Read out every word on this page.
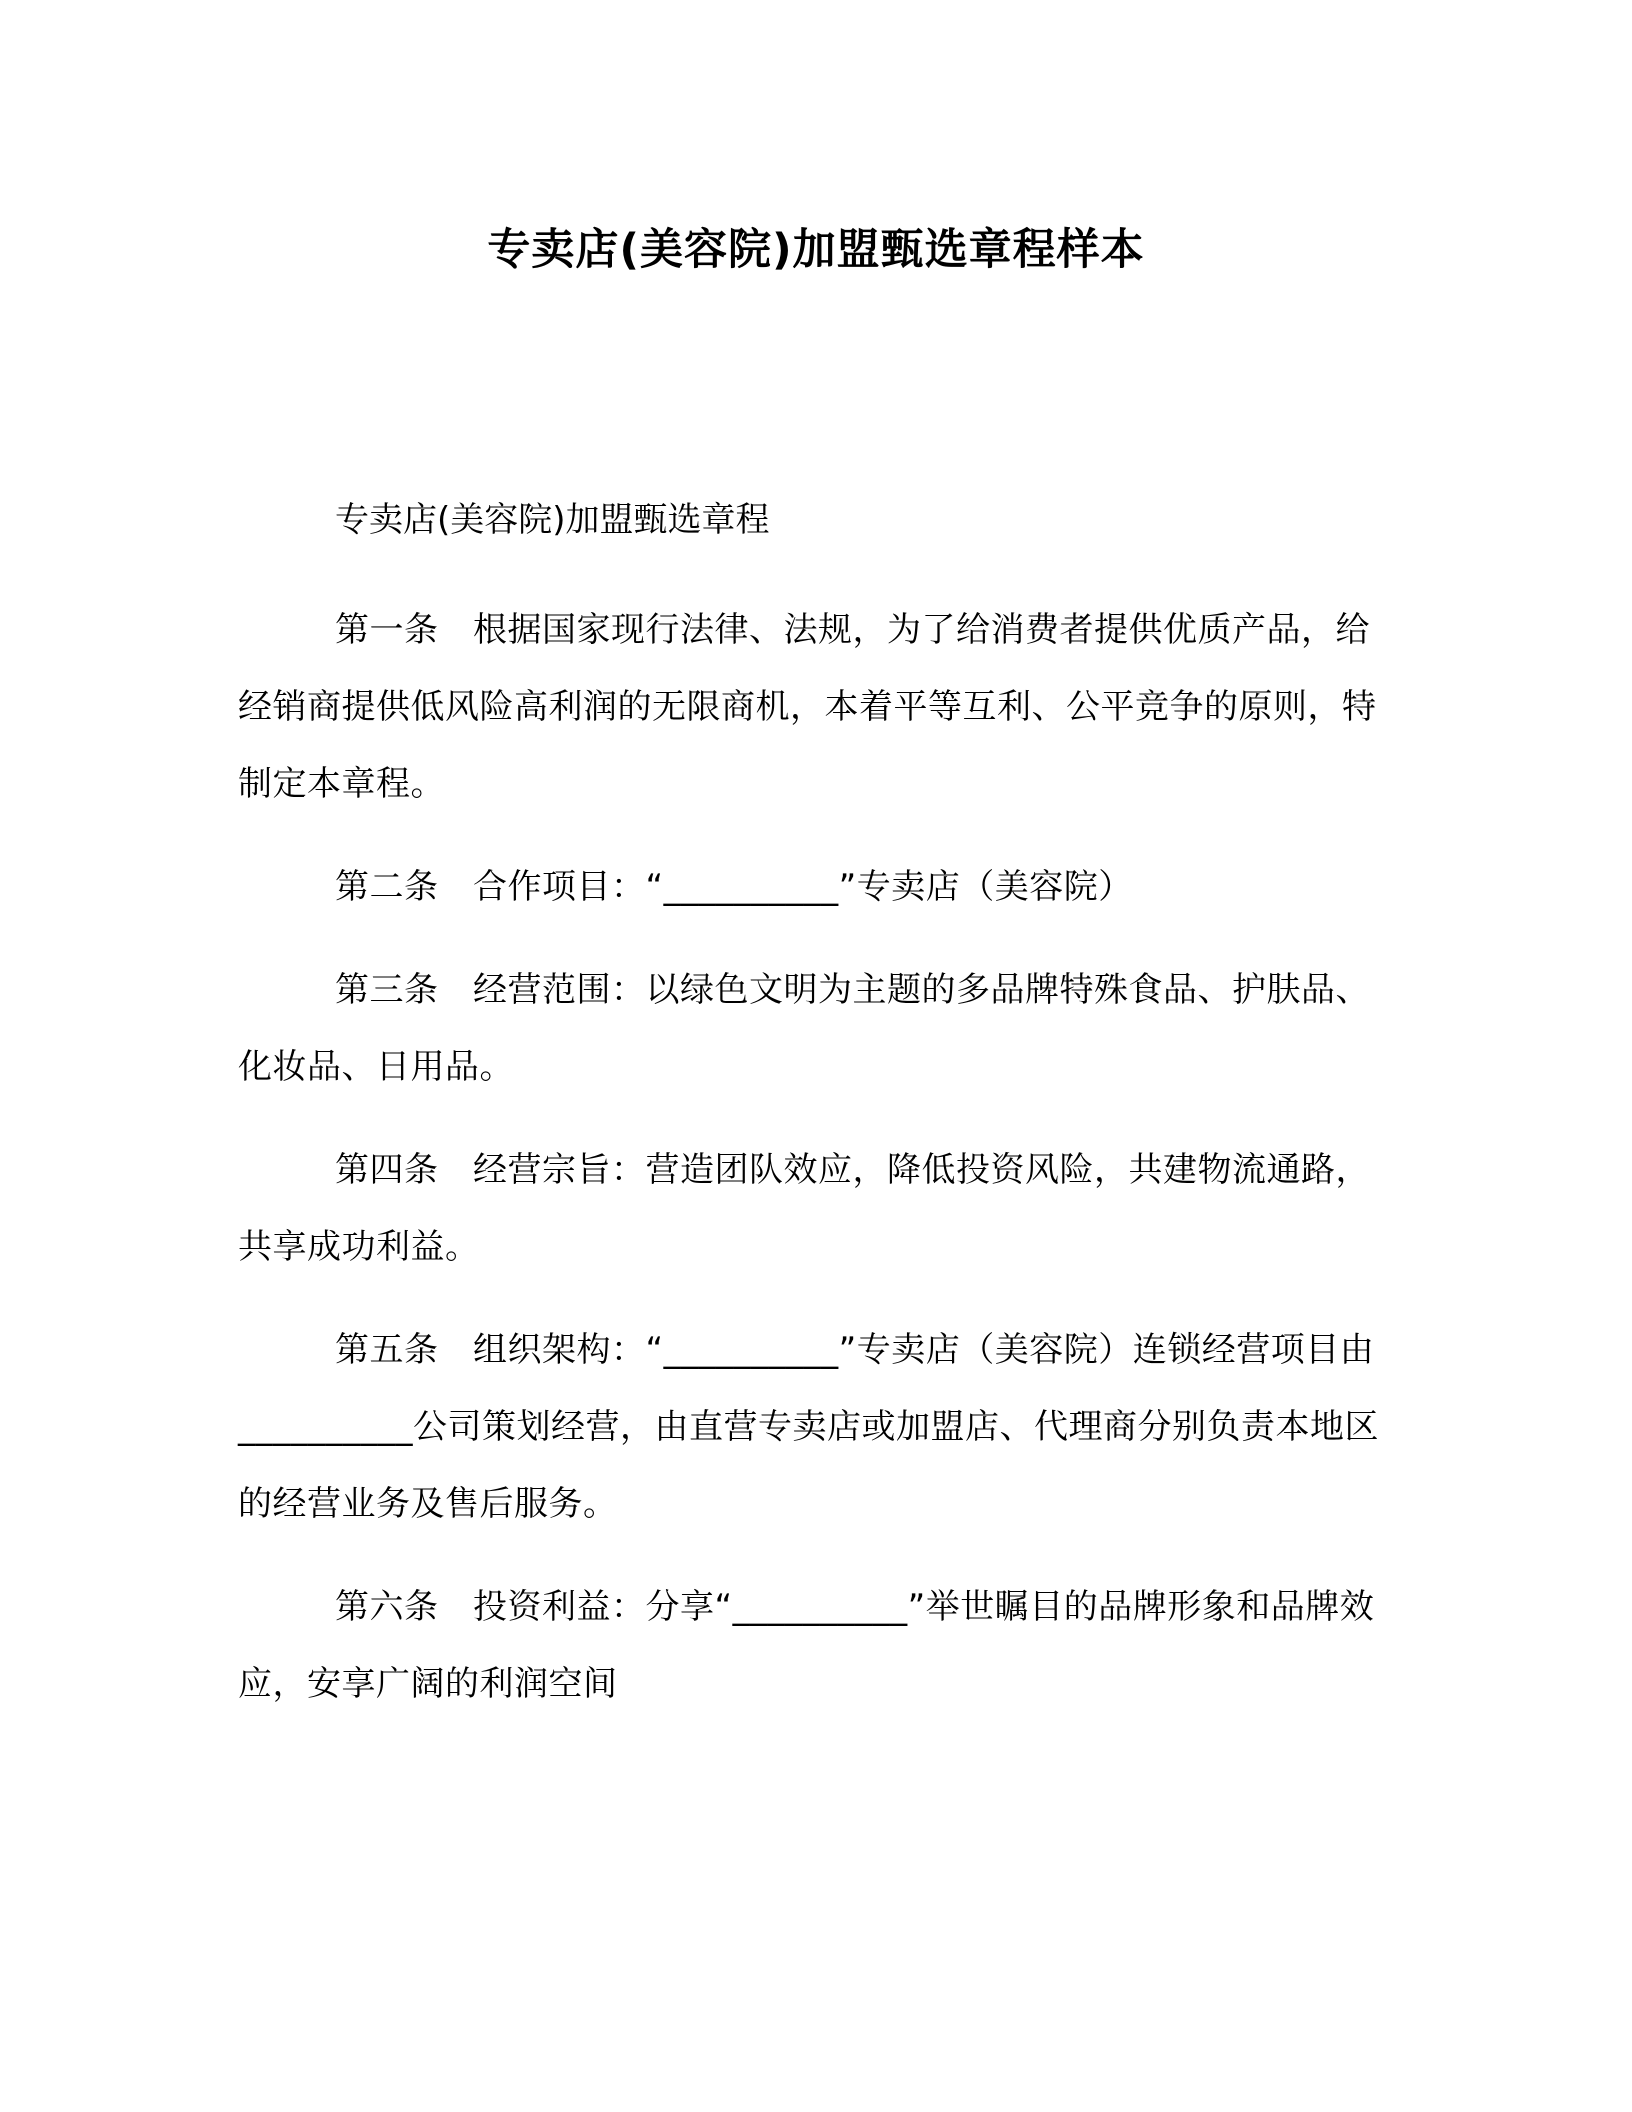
专卖店(美容院)加盟甄选章程样本

专卖店(美容院)加盟甄选章程

第一条　根据国家现行法律、法规，为了给消费者提供优质产品，给经销商提供低风险高利润的无限商机，本着平等互利、公平竞争的原则，特制定本章程。

第二条　合作项目：“__________”专卖店（美容院）

第三条　经营范围：以绿色文明为主题的多品牌特殊食品、护肤品、化妆品、日用品。

第四条　经营宗旨：营造团队效应，降低投资风险，共建物流通路，共享成功利益。

第五条　组织架构：“__________”专卖店（美容院）连锁经营项目由__________公司策划经营，由直营专卖店或加盟店、代理商分别负责本地区的经营业务及售后服务。

第六条　投资利益：分享“__________”举世瞩目的品牌形象和品牌效应，安享广阔的利润空间
